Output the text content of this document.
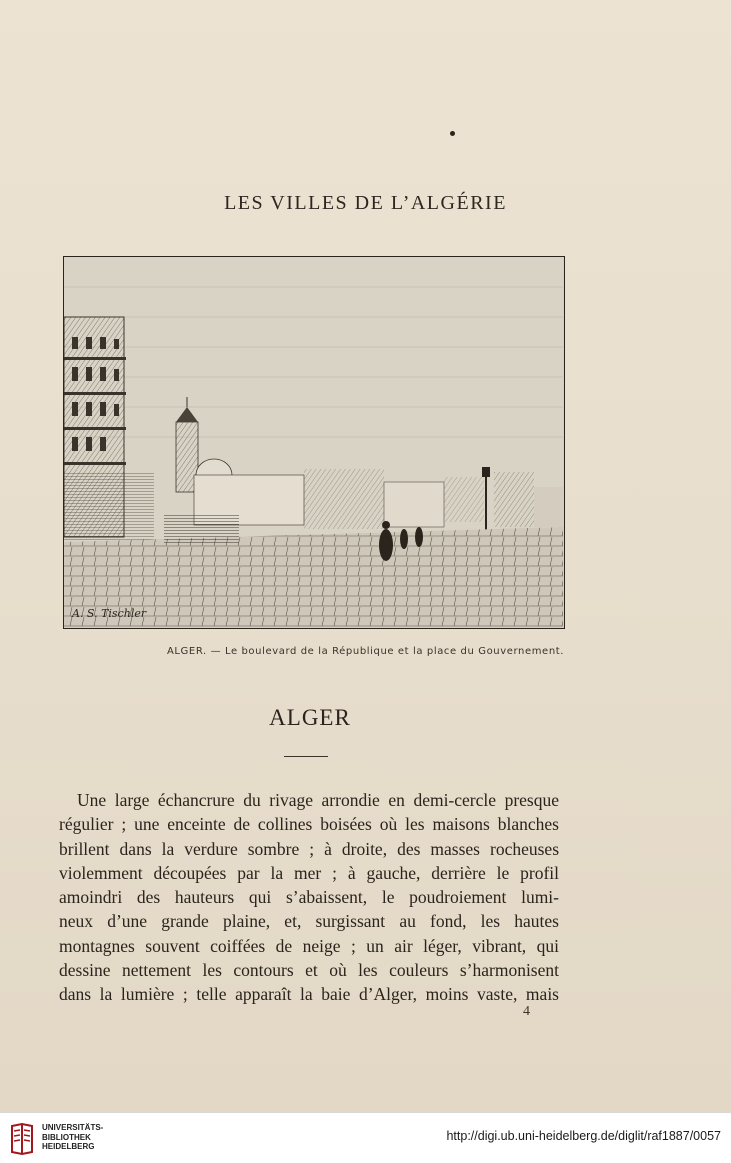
LES VILLES DE L’ALGÉRIE
A. S. Tischler
ALGER. — Le boulevard de la République et la place du Gouvernement.
ALGER
Une large échancrure du rivage arrondie en demi-cercle presque
régulier ; une enceinte de collines boisées où les maisons blanches
brillent dans la verdure sombre ; à droite, des masses rocheuses
violemment découpées par la mer ; à gauche, derrière le profil
amoindri des hauteurs qui s’abaissent, le poudroiement lumi-
neux d’une grande plaine, et, surgissant au fond, les hautes
montagnes souvent coiffées de neige ; un air léger, vibrant, qui
dessine nettement les contours et où les couleurs s’harmonisent
dans la lumière ; telle apparaît la baie d’Alger, moins vaste, mais
4
UNIVERSITÄTS-
BIBLIOTHEK
HEIDELBERG
http://digi.ub.uni-heidelberg.de/diglit/raf1887/0057
